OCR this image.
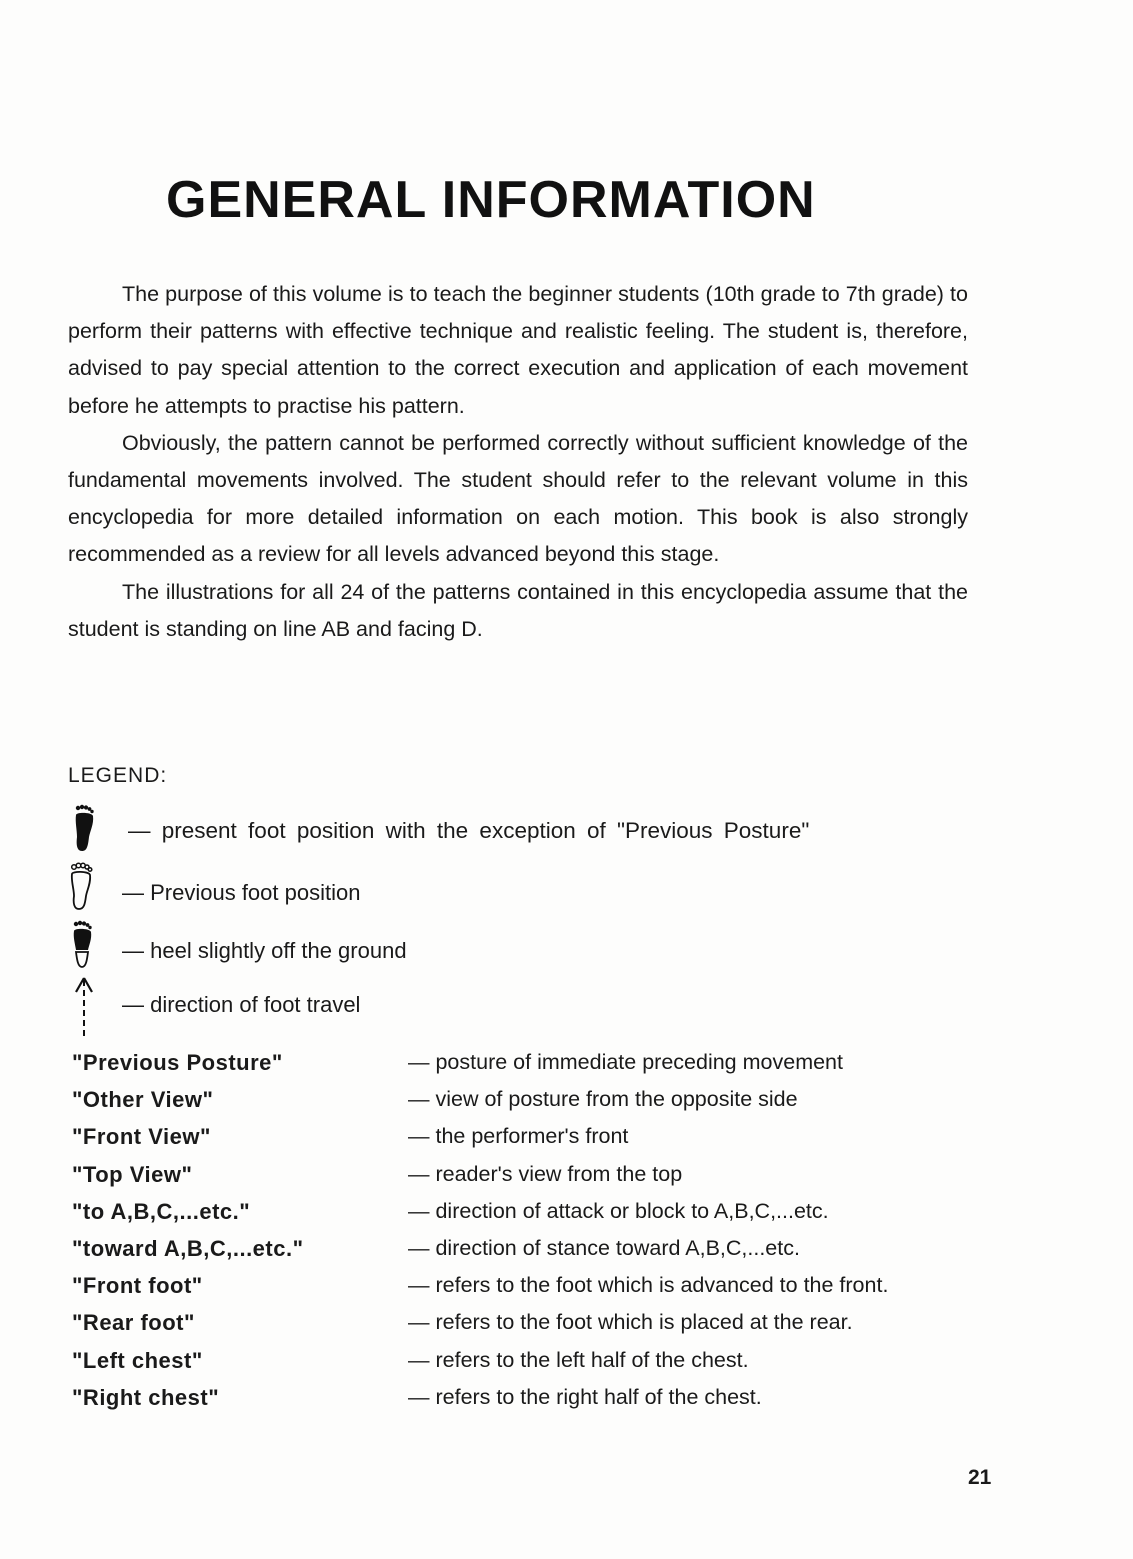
GENERAL INFORMATION

The purpose of this volume is to teach the beginner students (10th grade to 7th grade) to perform their patterns with effective technique and realistic feeling. The student is, therefore, advised to pay special attention to the correct execution and application of each movement before he attempts to practise his pattern.

Obviously, the pattern cannot be performed correctly without sufficient knowledge of the fundamental movements involved. The student should refer to the relevant volume in this encyclopedia for more detailed information on each motion. This book is also strongly recommended as a review for all levels advanced beyond this stage.

The illustrations for all 24 of the patterns contained in this encyclopedia assume that the student is standing on line AB and facing D.

LEGEND:
— present foot position with the exception of "Previous Posture"
— Previous foot position
— heel slightly off the ground
— direction of foot travel
"Previous Posture"	— posture of immediate preceding movement
"Other View"	— view of posture from the opposite side
"Front View"	— the performer's front
"Top View"	— reader's view from the top
"to A,B,C,...etc."	— direction of attack or block to A,B,C,...etc.
"toward A,B,C,...etc."	— direction of stance toward A,B,C,...etc.
"Front foot"	— refers to the foot which is advanced to the front.
"Rear foot"	— refers to the foot which is placed at the rear.
"Left chest"	— refers to the left half of the chest.
"Right chest"	— refers to the right half of the chest.
21
